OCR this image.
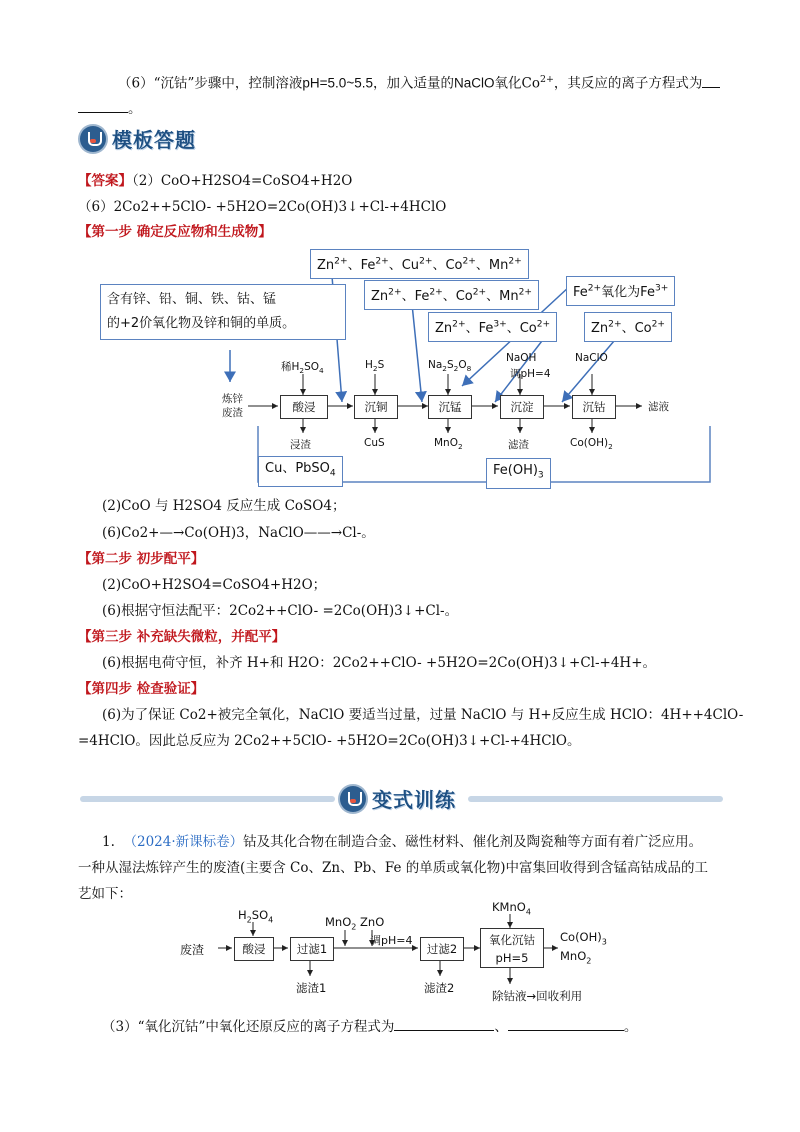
（6）“沉钴”步骤中，控制溶液pH=5.0~5.5，加入适量的NaClO氧化$Co^{2+}$，其反应的离子方程式为
。
模板答题
【答案】（2）CoO+H2SO4=CoSO4+H2O
（6）2Co2++5ClO- +5H2O=2Co(OH)3↓+Cl-+4HClO
【第一步 确定反应物和生成物】
$Zn^{2+}$、$Fe^{2+}$、$Cu^{2+}$、$Co^{2+}$、$Mn^{2+}$
$Zn^{2+}$、$Fe^{2+}$、$Co^{2+}$、$Mn^{2+}$	$Fe^{2+}$氧化为$Fe^{3+}$
$Zn^{2+}$、$Fe^{3+}$、$Co^{2+}$	$Zn^{2+}$、$Co^{2+}$
含有锌、铅、铜、铁、钴、锰
的+2价氧化物及锌和铜的单质。
炼锌
废渣	酸浸	沉铜	沉锰	沉淀	沉钴	滤液
稀$H_2SO_4$	$H_2S$	$Na_2S_2O_8$
NaOH
调pH=4
NaClO
浸渣	CuS	MnO$_2$	滤渣	$Co(OH)_2$
Cu、PbSO$_4$	$Fe(OH)_3$
(2)CoO 与 H2SO4 反应生成 CoSO4；
(6)Co2+—→Co(OH)3，NaClO——→Cl-。
【第二步 初步配平】
(2)CoO+H2SO4=CoSO4+H2O；
(6)根据守恒法配平：2Co2++ClO- =2Co(OH)3↓+Cl-。
【第三步 补充缺失微粒，并配平】
(6)根据电荷守恒，补齐 H+和 H2O：2Co2++ClO- +5H2O=2Co(OH)3↓+Cl-+4H+。
【第四步 检查验证】
(6)为了保证 Co2+被完全氧化，NaClO 要适当过量，过量 NaClO 与 H+反应生成 HClO：4H++4ClO-
=4HClO。因此总反应为 2Co2++5ClO- +5H2O=2Co(OH)3↓+Cl-+4HClO。
变式训练
1. （2024·新课标卷）钴及其化合物在制造合金、磁性材料、催化剂及陶瓷釉等方面有着广泛应用。
一种从湿法炼锌产生的废渣(主要含 Co、Zn、Pb、Fe 的单质或氧化物)中富集回收得到含锰高钴成品的工
艺如下：
废渣	酸浸	过滤1	过滤2
氧化沉钴
pH=5
$H_2SO_4$	MnO$_2$ ZnO
调pH=4
KMnO$_4$
滤渣1	滤渣2
$Co(OH)_3$
MnO$_2$
除钴液→回收利用
（3）“氧化沉钴”中氧化还原反应的离子方程式为	、	。
